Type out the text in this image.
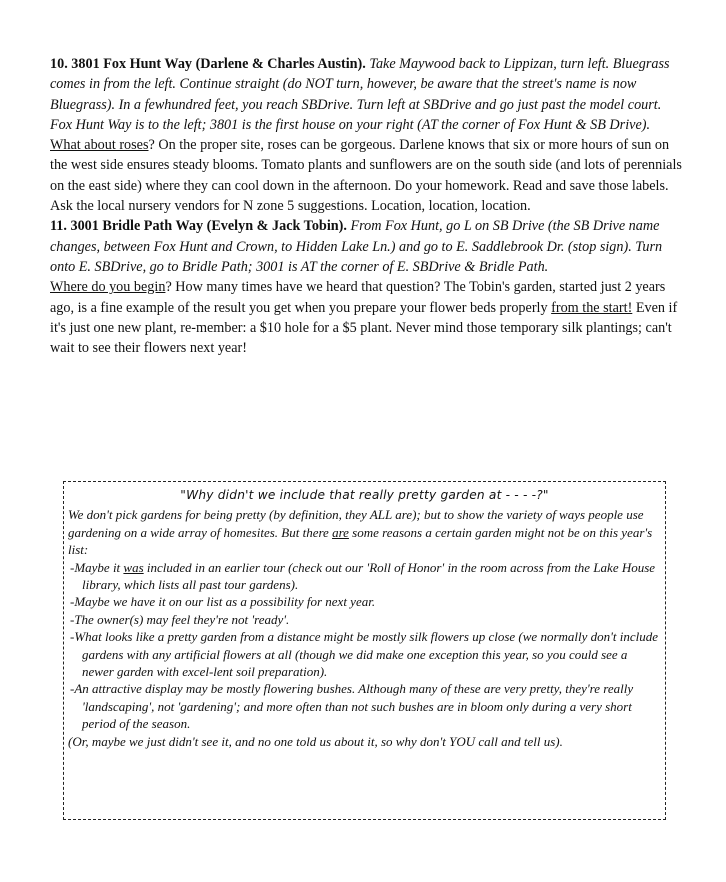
10. 3801 Fox Hunt Way (Darlene & Charles Austin). Take Maywood back to Lippizan, turn left. Bluegrass comes in from the left. Continue straight (do NOT turn, however, be aware that the street's name is now Bluegrass). In a fewhundred feet, you reach SBDrive. Turn left at SBDrive and go just past the model court. Fox Hunt Way is to the left; 3801 is the first house on your right (AT the corner of Fox Hunt & SB Drive).
What about roses? On the proper site, roses can be gorgeous. Darlene knows that six or more hours of sun on the west side ensures steady blooms. Tomato plants and sunflowers are on the south side (and lots of perennials on the east side) where they can cool down in the afternoon. Do your homework. Read and save those labels. Ask the local nursery vendors for N zone 5 suggestions. Location, location, location.

11. 3001 Bridle Path Way (Evelyn & Jack Tobin). From Fox Hunt, go L on SB Drive (the SB Drive name changes, between Fox Hunt and Crown, to Hidden Lake Ln.) and go to E. Saddlebrook Dr. (stop sign). Turn onto E. SBDrive, go to Bridle Path; 3001 is AT the corner of E. SBDrive & Bridle Path.
Where do you begin? How many times have we heard that question? The Tobin's garden, started just 2 years ago, is a fine example of the result you get when you prepare your flower beds properly from the start! Even if it's just one new plant, re-member: a $10 hole for a $5 plant. Never mind those temporary silk plantings; can't wait to see their flowers next year!

"Why didn't we include that really pretty garden at - - - -?"

We don't pick gardens for being pretty (by definition, they ALL are); but to show the variety of ways people use gardening on a wide array of homesites. But there are some reasons a certain garden might not be on this year's list:

-Maybe it was included in an earlier tour (check out our 'Roll of Honor' in the room across from the Lake House library, which lists all past tour gardens).
-Maybe we have it on our list as a possibility for next year.
-The owner(s) may feel they're not 'ready'.
-What looks like a pretty garden from a distance might be mostly silk flowers up close (we normally don't include gardens with any artificial flowers at all (though we did make one exception this year, so you could see a newer garden with excel-lent soil preparation).
-An attractive display may be mostly flowering bushes. Although many of these are very pretty, they're really 'landscaping', not 'gardening'; and more often than not such bushes are in bloom only during a very short period of the season.

(Or, maybe we just didn't see it, and no one told us about it, so why don't YOU call and tell us).
